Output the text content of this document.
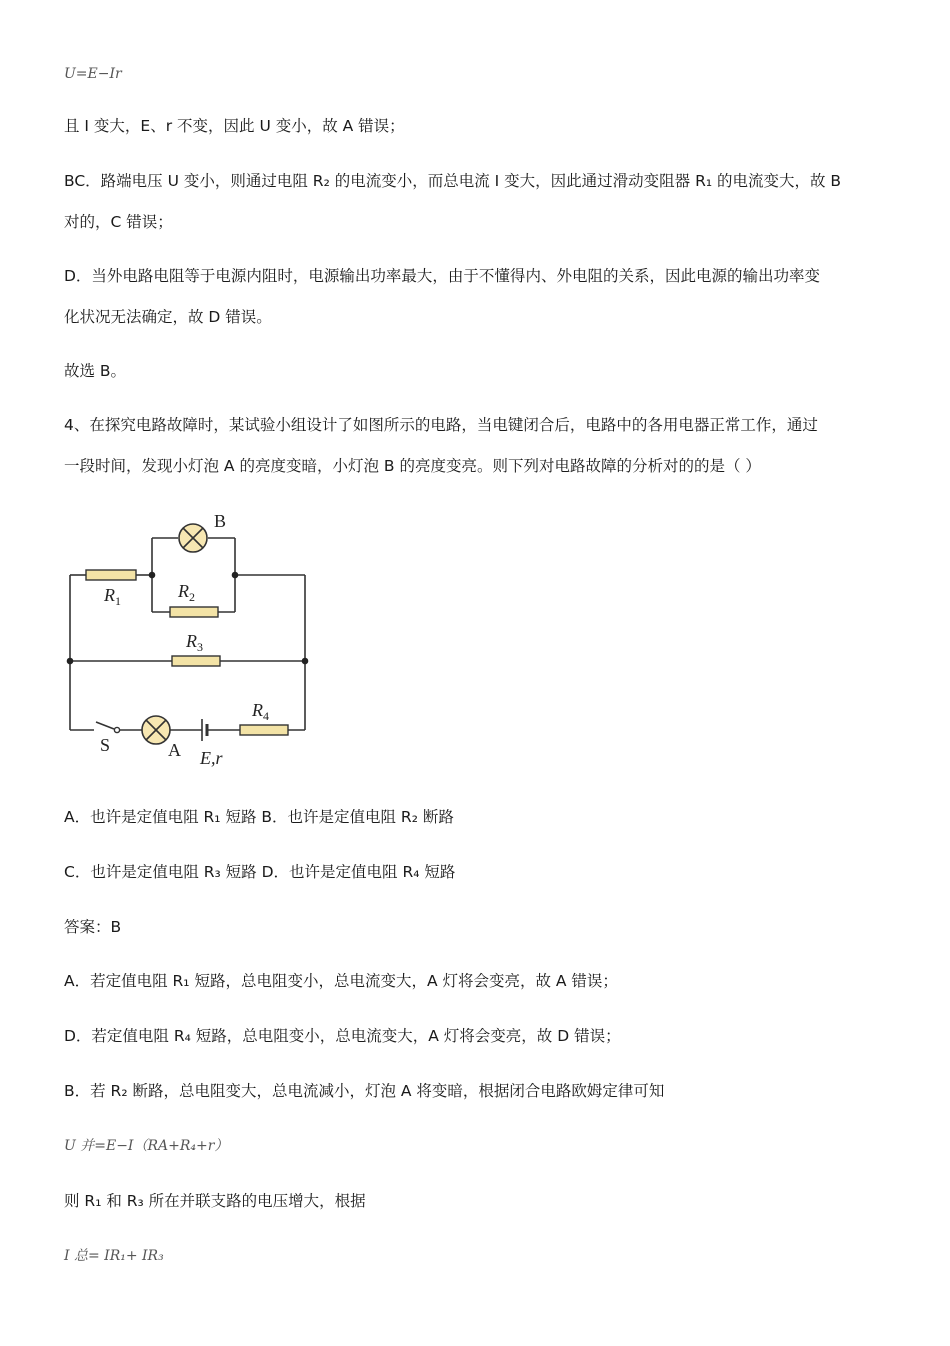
U=E−Ir
且 I 变大，E、r 不变，因此 U 变小，故 A 错误；
BC．路端电压 U 变小，则通过电阻 R₂ 的电流变小，而总电流 I 变大，因此通过滑动变阻器 R₁ 的电流变大，故 B
对的，C 错误；
D．当外电路电阻等于电源内阻时，电源输出功率最大，由于不懂得内、外电阻的关系，因此电源的输出功率变
化状况无法确定，故 D 错误。
故选 B。
4、在探究电路故障时，某试验小组设计了如图所示的电路，当电键闭合后，电路中的各用电器正常工作，通过
一段时间，发现小灯泡 A 的亮度变暗，小灯泡 B 的亮度变亮。则下列对电路故障的分析对的的是（ ）
B
$R_1$	$R_2$
$R_3$
$R_4$
S	A E,r
A．也许是定值电阻 R₁ 短路 B．也许是定值电阻 R₂ 断路
C．也许是定值电阻 R₃ 短路 D．也许是定值电阻 R₄ 短路
答案：B
A．若定值电阻 R₁ 短路，总电阻变小，总电流变大，A 灯将会变亮，故 A 错误；
D．若定值电阻 R₄ 短路，总电阻变小，总电流变大，A 灯将会变亮，故 D 错误；
B．若 R₂ 断路，总电阻变大，总电流减小，灯泡 A 将变暗，根据闭合电路欧姆定律可知
U 并=E−I（RA+R₄+r）
则 R₁ 和 R₃ 所在并联支路的电压增大，根据
I 总= IR₁+ IR₃
